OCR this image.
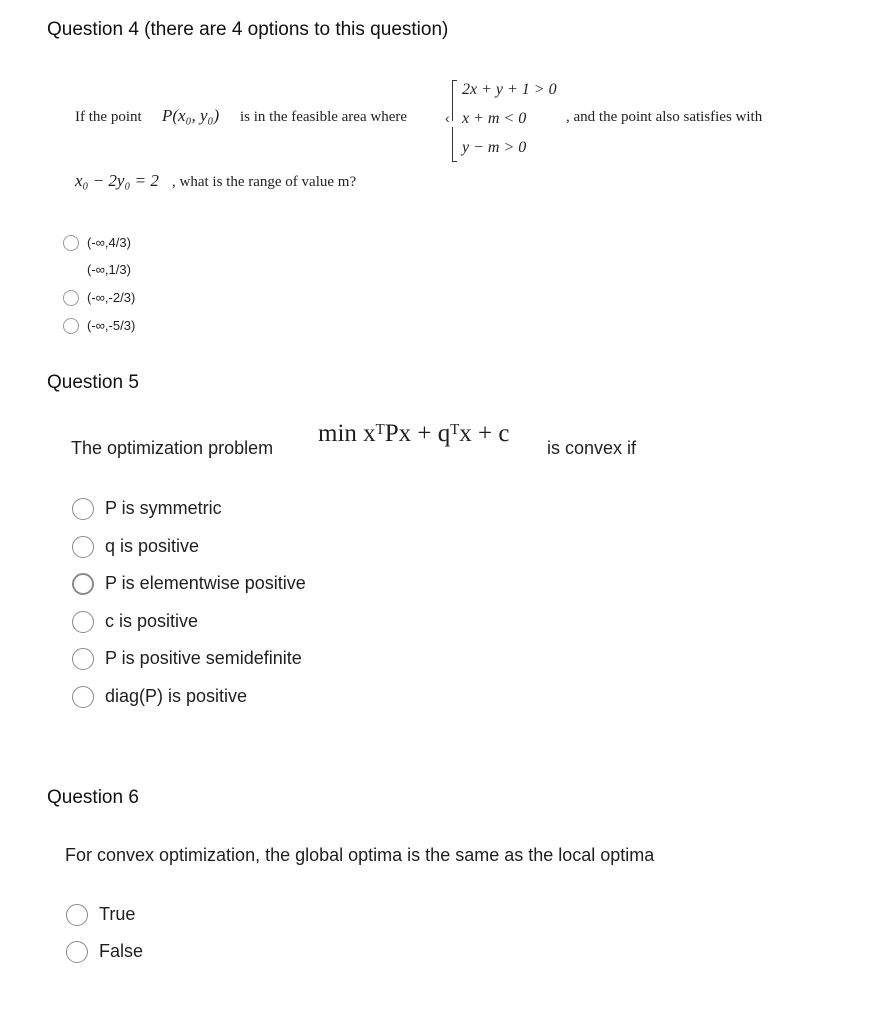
Question 4 (there are 4 options to this question)
If the point P(x₀, y₀) is in the feasible area where	‹
2x + y + 1 > 0
x + m < 0
y − m > 0
, and the point also satisfies with
x₀ − 2y₀ = 2 , what is the range of value m?
(-∞,4/3)
(-∞,1/3)
(-∞,-2/3)
(-∞,-5/3)
Question 5
The optimization problem
min xᵀPx + qᵀx + c
is convex if
P is symmetric
q is positive
P is elementwise positive
c is positive
P is positive semidefinite
diag(P) is positive
Question 6
For convex optimization, the global optima is the same as the local optima
True
False
